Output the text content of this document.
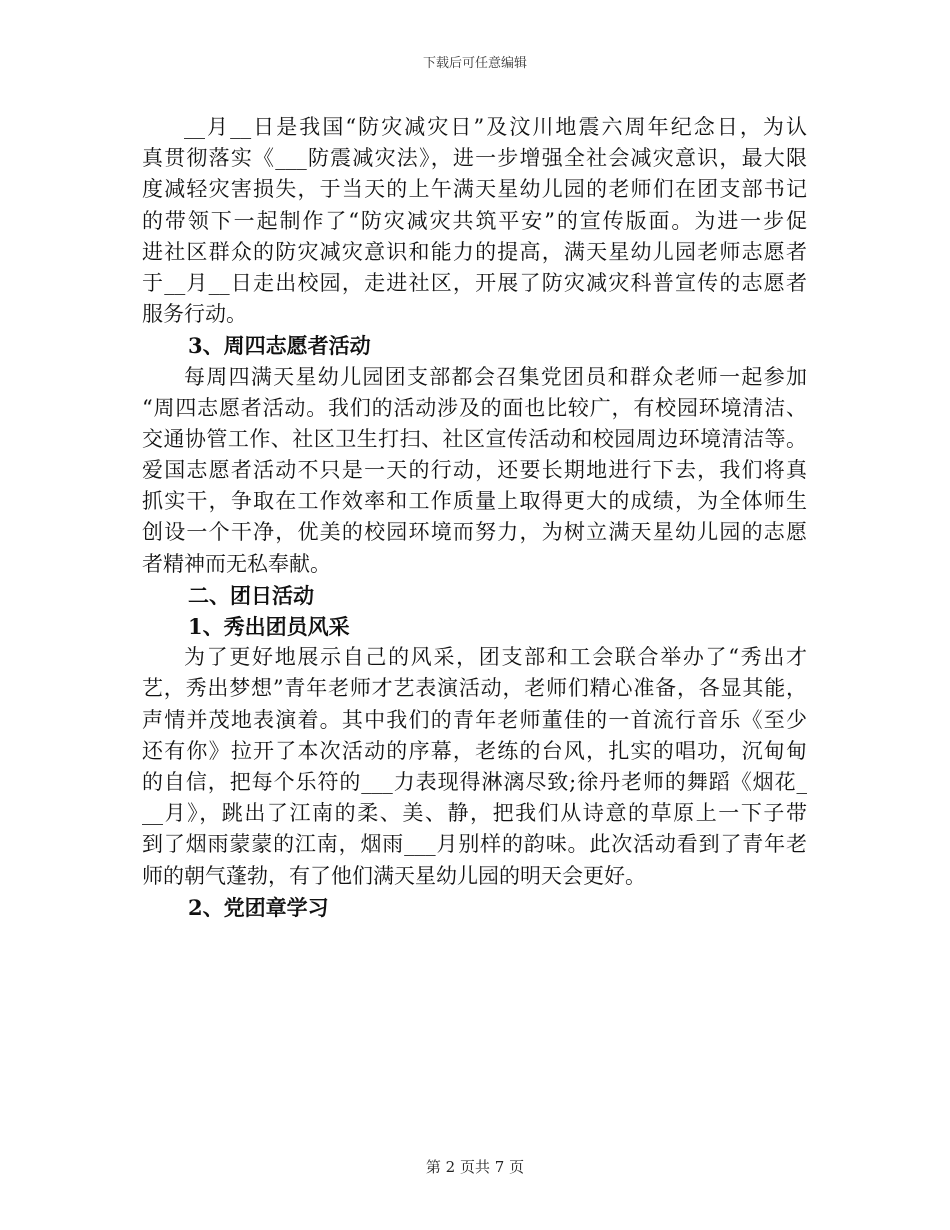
下载后可任意编辑
__月__日是我国“防灾减灾日”及汶川地震六周年纪念日，为认
真贯彻落实《___防震减灾法》，进一步增强全社会减灾意识，最大限
度减轻灾害损失，于当天的上午满天星幼儿园的老师们在团支部书记
的带领下一起制作了“防灾减灾共筑平安”的宣传版面。为进一步促
进社区群众的防灾减灾意识和能力的提高，满天星幼儿园老师志愿者
于__月__日走出校园，走进社区，开展了防灾减灾科普宣传的志愿者
服务行动。
3、周四志愿者活动
每周四满天星幼儿园团支部都会召集党团员和群众老师一起参加
“周四志愿者活动。我们的活动涉及的面也比较广，有校园环境清洁、
交通协管工作、社区卫生打扫、社区宣传活动和校园周边环境清洁等。
爱国志愿者活动不只是一天的行动，还要长期地进行下去，我们将真
抓实干，争取在工作效率和工作质量上取得更大的成绩，为全体师生
创设一个干净，优美的校园环境而努力，为树立满天星幼儿园的志愿
者精神而无私奉献。
二、团日活动
1、秀出团员风采
为了更好地展示自己的风采，团支部和工会联合举办了“秀出才
艺，秀出梦想”青年老师才艺表演活动，老师们精心准备，各显其能，
声情并茂地表演着。其中我们的青年老师董佳的一首流行音乐《至少
还有你》拉开了本次活动的序幕，老练的台风，扎实的唱功，沉甸甸
的自信，把每个乐符的___力表现得淋漓尽致;徐丹老师的舞蹈《烟花_
__月》，跳出了江南的柔、美、静，把我们从诗意的草原上一下子带
到了烟雨蒙蒙的江南，烟雨___月别样的韵味。此次活动看到了青年老
师的朝气蓬勃，有了他们满天星幼儿园的明天会更好。
2、党团章学习
第 2 页共 7 页
